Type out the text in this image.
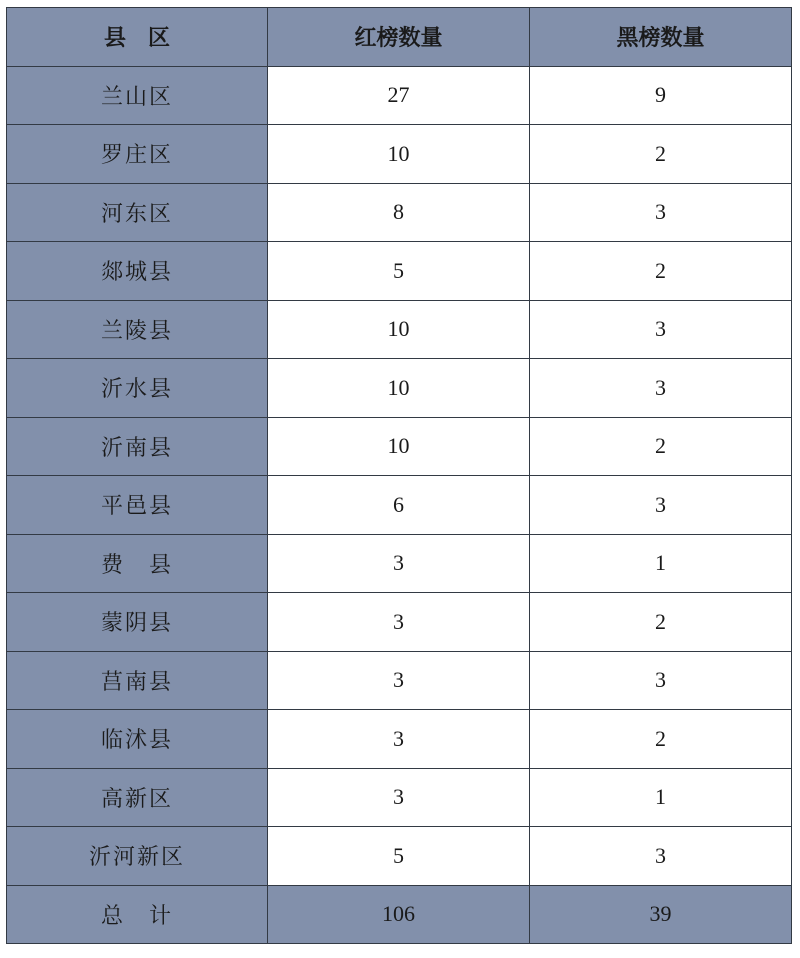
县　区	红榜数量	黑榜数量
兰山区	27	9
罗庄区	10	2
河东区	8	3
郯城县	5	2
兰陵县	10	3
沂水县	10	3
沂南县	10	2
平邑县	6	3
费　县	3	1
蒙阴县	3	2
莒南县	3	3
临沭县	3	2
高新区	3	1
沂河新区	5	3
总　计	106	39
